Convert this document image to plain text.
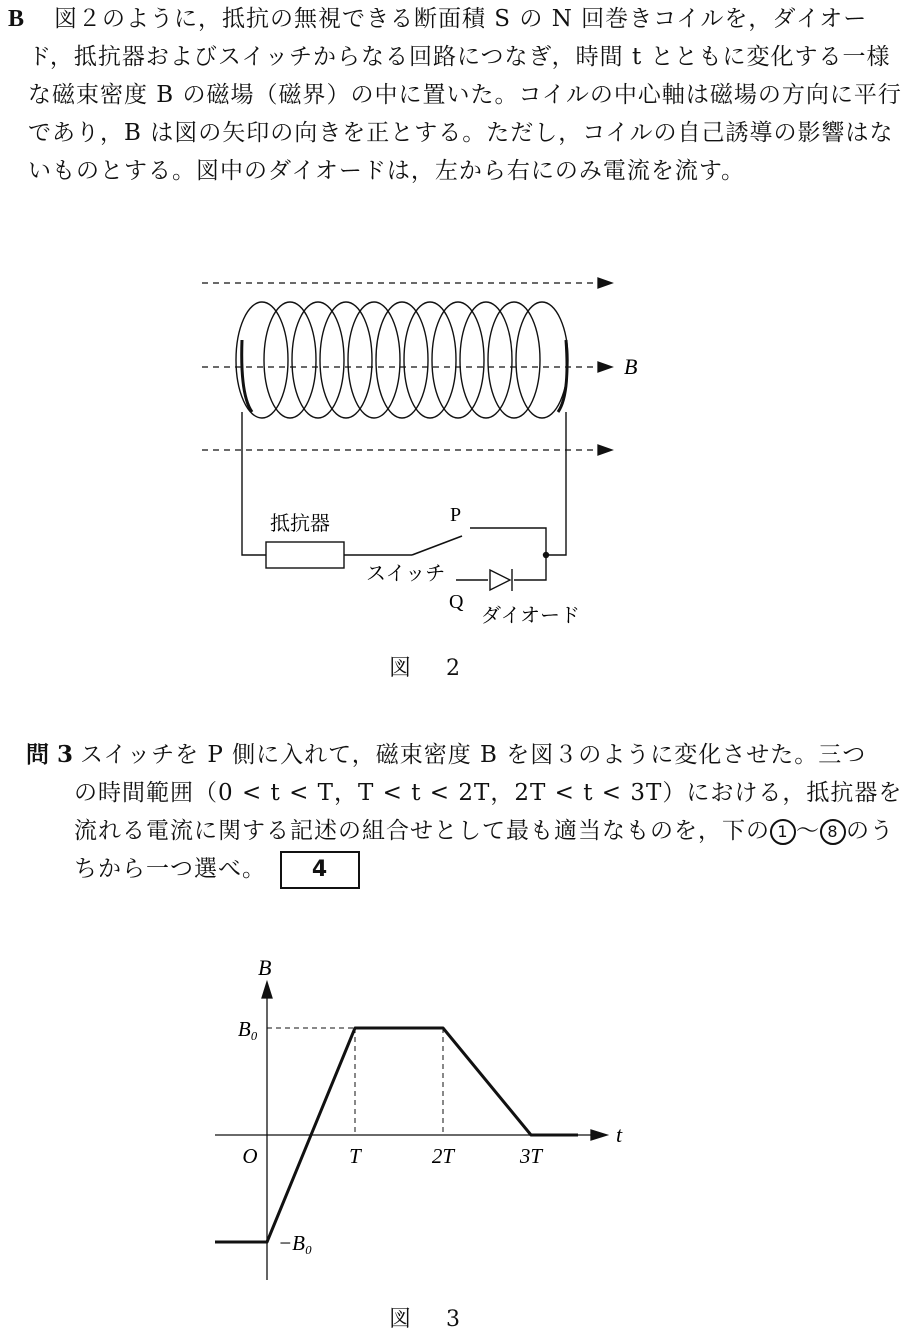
B 図２のように，抵抗の無視できる断面積 S の N 回巻きコイルを，ダイオー
ド，抵抗器およびスイッチからなる回路につなぎ，時間 t とともに変化する一様
な磁束密度 B の磁場（磁界）の中に置いた。コイルの中心軸は磁場の方向に平行
であり，B は図の矢印の向きを正とする。ただし，コイルの自己誘導の影響はな
いものとする。図中のダイオードは，左から右にのみ電流を流す。
B
抵抗器
スイッチ
P
Q
ダイオード
図 2
問 3 スイッチを P 側に入れて，磁束密度 B を図３のように変化させた。三つ
の時間範囲（0 < t < T，T < t < 2T，2T < t < 3T）における，抵抗器を
流れる電流に関する記述の組合せとして最も適当なものを，下の 1 ～ 8 のう
ちから一つ選べ。 4
B
t
O	T	2T	3T
B₀
−B₀
図 3
